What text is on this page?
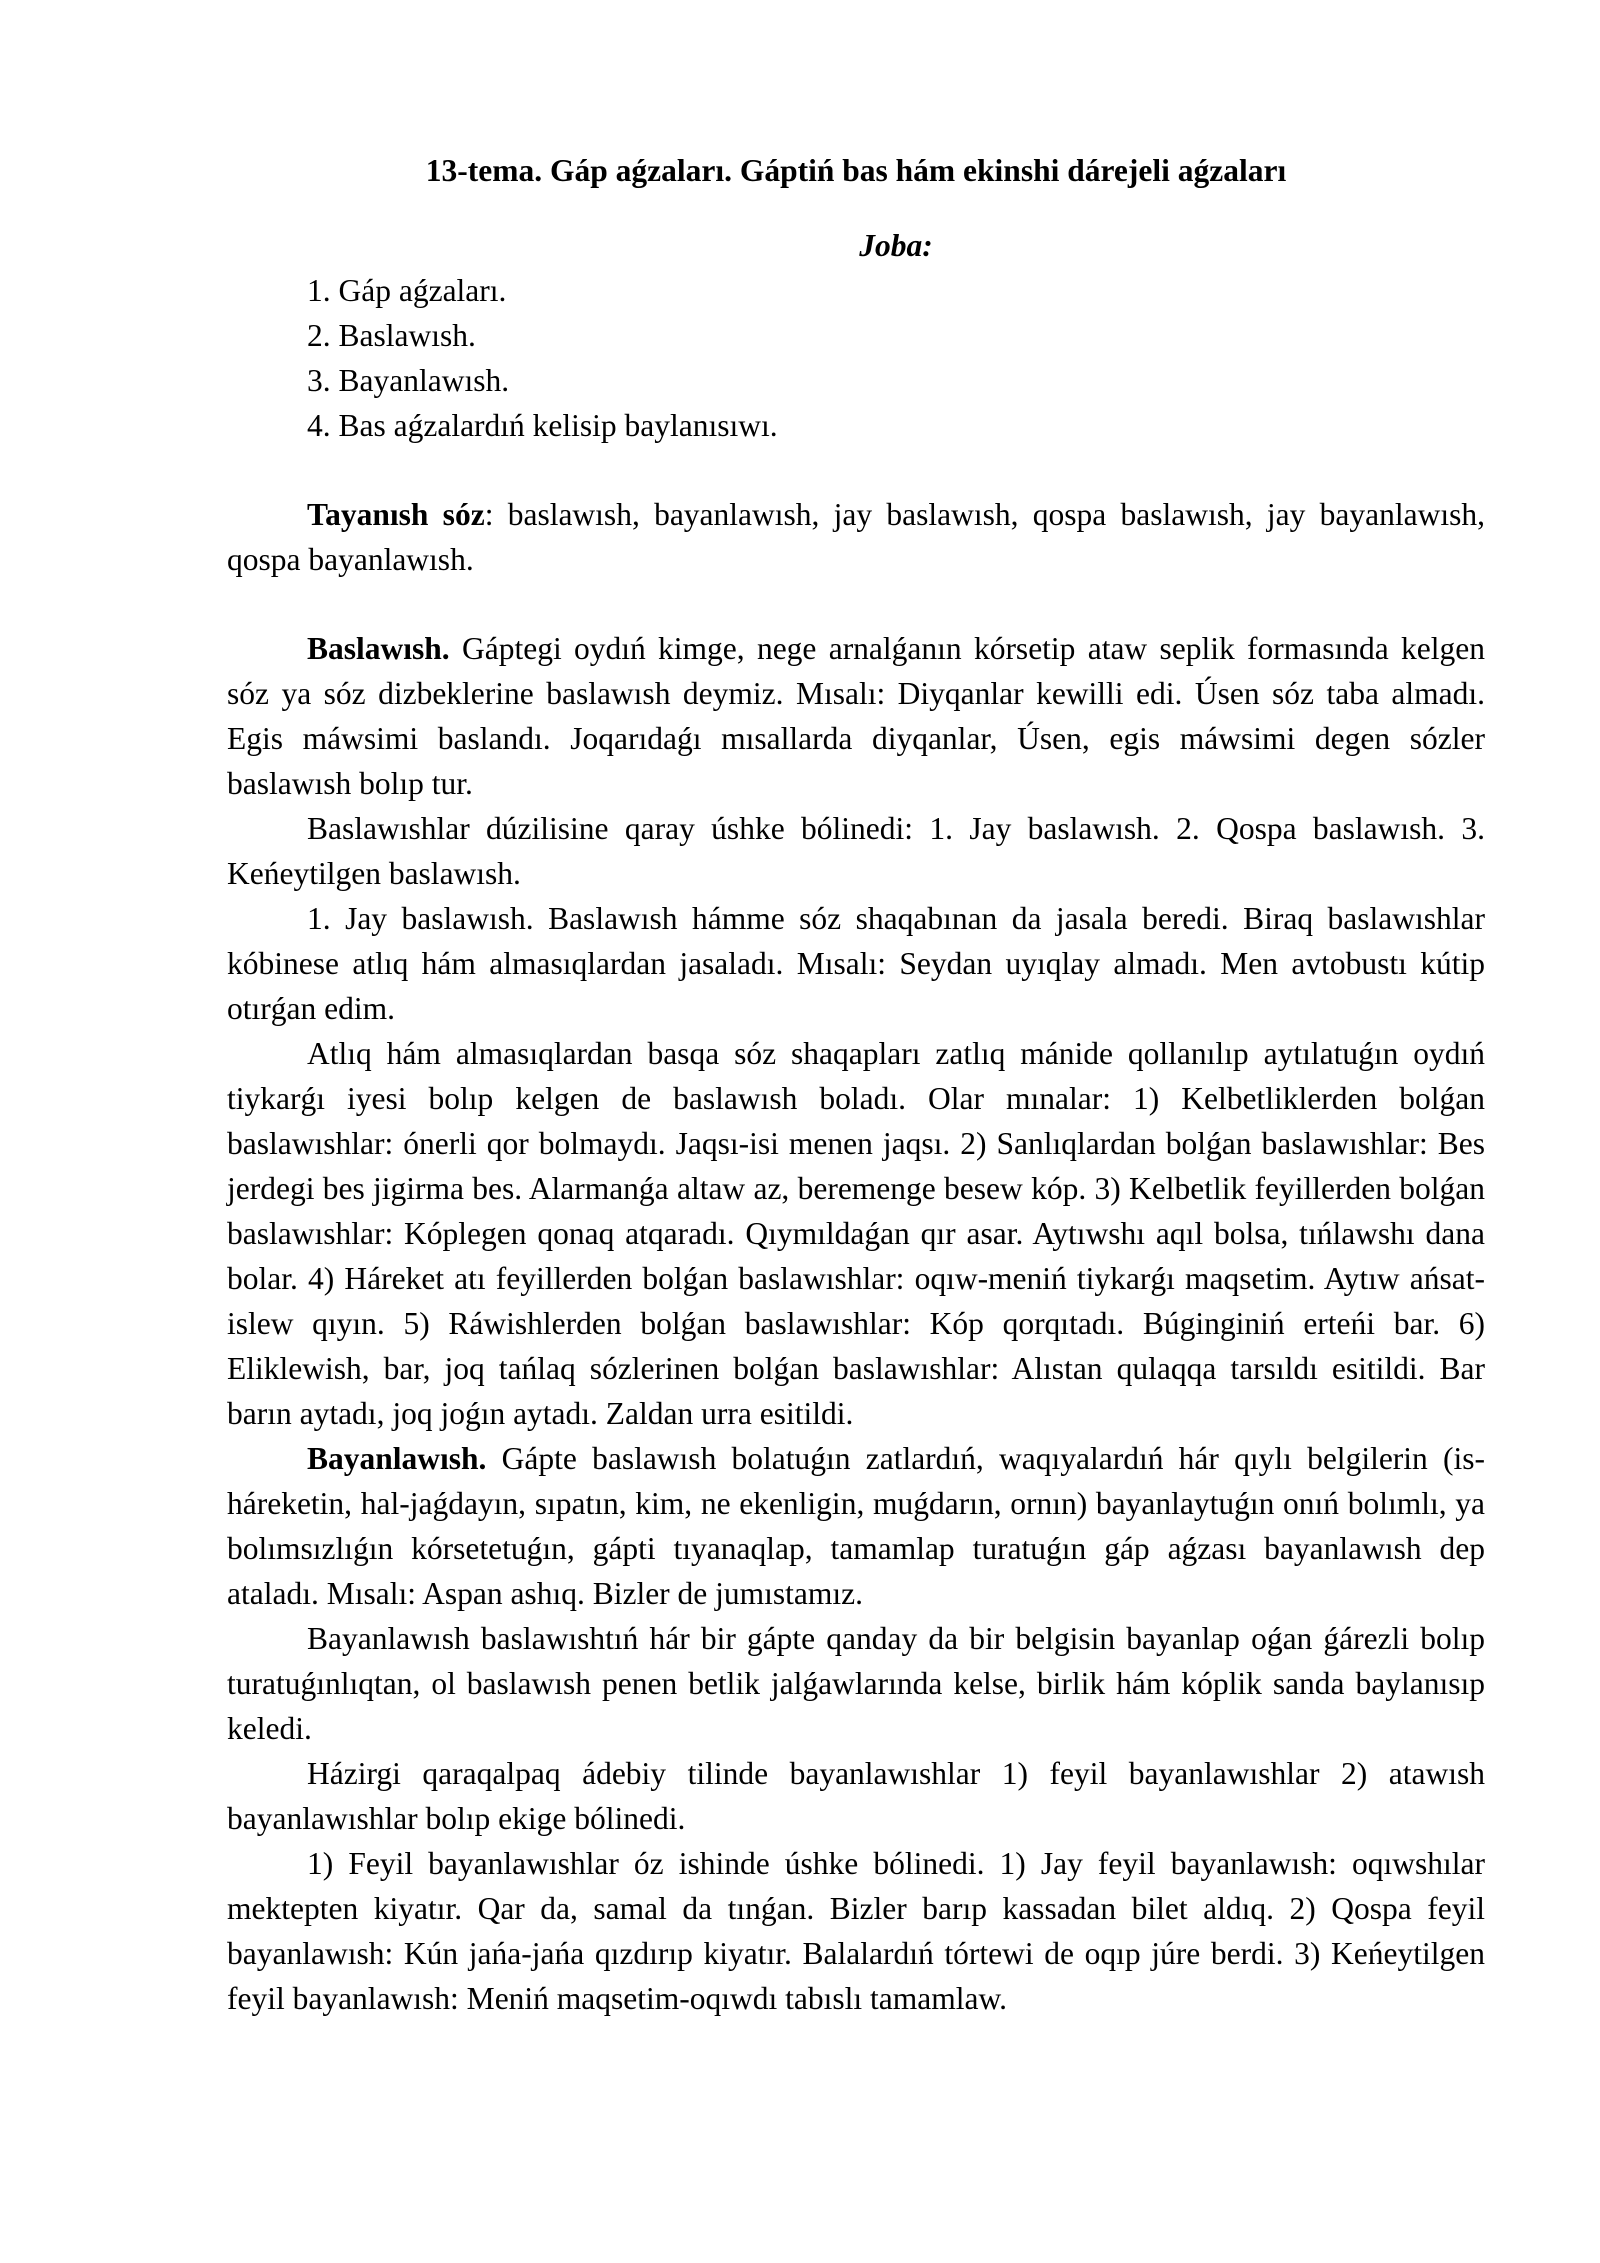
13-tema. Gáp aǵzaları. Gáptiń bas hám ekinshi dárejeli aǵzaları
Joba:
1. Gáp aǵzaları.
2. Baslawısh.
3. Bayanlawısh.
4. Bas aǵzalardıń kelisip baylanısıwı.

Tayanısh sóz: baslawısh, bayanlawısh, jay baslawısh, qospa baslawısh, jay bayanlawısh, qospa bayanlawısh.

Baslawısh. Gáptegi oydıń kimge, nege arnalǵanın kórsetip ataw seplik formasında kelgen sóz ya sóz dizbeklerine baslawısh deymiz. Mısalı: Diyqanlar kewilli edi. Úsen sóz taba almadı. Egis máwsimi baslandı. Joqarıdaǵı mısallarda diyqanlar, Úsen, egis máwsimi degen sózler baslawısh bolıp tur.

Baslawıshlar dúzilisine qaray úshke bólinedi: 1. Jay baslawısh. 2. Qospa baslawısh. 3. Keńeytilgen baslawısh.

1. Jay baslawısh. Baslawısh hámme sóz shaqabınan da jasala beredi. Biraq baslawıshlar kóbinese atlıq hám almasıqlardan jasaladı. Mısalı: Seydan uyıqlay almadı. Men avtobustı kútip otırǵan edim.

Atlıq hám almasıqlardan basqa sóz shaqapları zatlıq mánide qollanılıp aytılatuǵın oydıń tiykarǵı iyesi bolıp kelgen de baslawısh boladı. Olar mınalar: 1) Kelbetliklerden bolǵan baslawıshlar: ónerli qor bolmaydı. Jaqsı-isi menen jaqsı. 2) Sanlıqlardan bolǵan baslawıshlar: Bes jerdegi bes jigirma bes. Alarmanǵa altaw az, beremenge besew kóp. 3) Kelbetlik feyillerden bolǵan baslawıshlar: Kóplegen qonaq atqaradı. Qıymıldaǵan qır asar. Aytıwshı aqıl bolsa, tıńlawshı dana bolar. 4) Háreket atı feyillerden bolǵan baslawıshlar: oqıw-meniń tiykarǵı maqsetim. Aytıw ańsat-islew qıyın. 5) Ráwishlerden bolǵan baslawıshlar: Kóp qorqıtadı. Búginginiń erteńi bar. 6) Eliklewish, bar, joq tańlaq sózlerinen bolǵan baslawıshlar: Alıstan qulaqqa tarsıldı esitildi. Bar barın aytadı, joq joǵın aytadı. Zaldan urra esitildi.

Bayanlawısh. Gápte baslawısh bolatuǵın zatlardıń, waqıyalardıń hár qıylı belgilerin (is-háreketin, hal-jaǵdayın, sıpatın, kim, ne ekenligin, muǵdarın, ornın) bayanlaytuǵın onıń bolımlı, ya bolımsızlıǵın kórsetetuǵın, gápti tıyanaqlap, tamamlap turatuǵın gáp aǵzası bayanlawısh dep ataladı. Mısalı: Aspan ashıq. Bizler de jumıstamız.

Bayanlawısh baslawıshtıń hár bir gápte qanday da bir belgisin bayanlap oǵan ǵárezli bolıp turatuǵınlıqtan, ol baslawısh penen betlik jalǵawlarında kelse, birlik hám kóplik sanda baylanısıp keledi.

Házirgi qaraqalpaq ádebiy tilinde bayanlawıshlar 1) feyil bayanlawıshlar 2) atawısh bayanlawıshlar bolıp ekige bólinedi.

1) Feyil bayanlawıshlar óz ishinde úshke bólinedi. 1) Jay feyil bayanlawısh: oqıwshılar mektepten kiyatır. Qar da, samal da tınǵan. Bizler barıp kassadan bilet aldıq. 2) Qospa feyil bayanlawısh: Kún jańa-jańa qızdırıp kiyatır. Balalardıń tórtewi de oqıp júre berdi. 3) Keńeytilgen feyil bayanlawısh: Meniń maqsetim-oqıwdı tabıslı tamamlaw.
